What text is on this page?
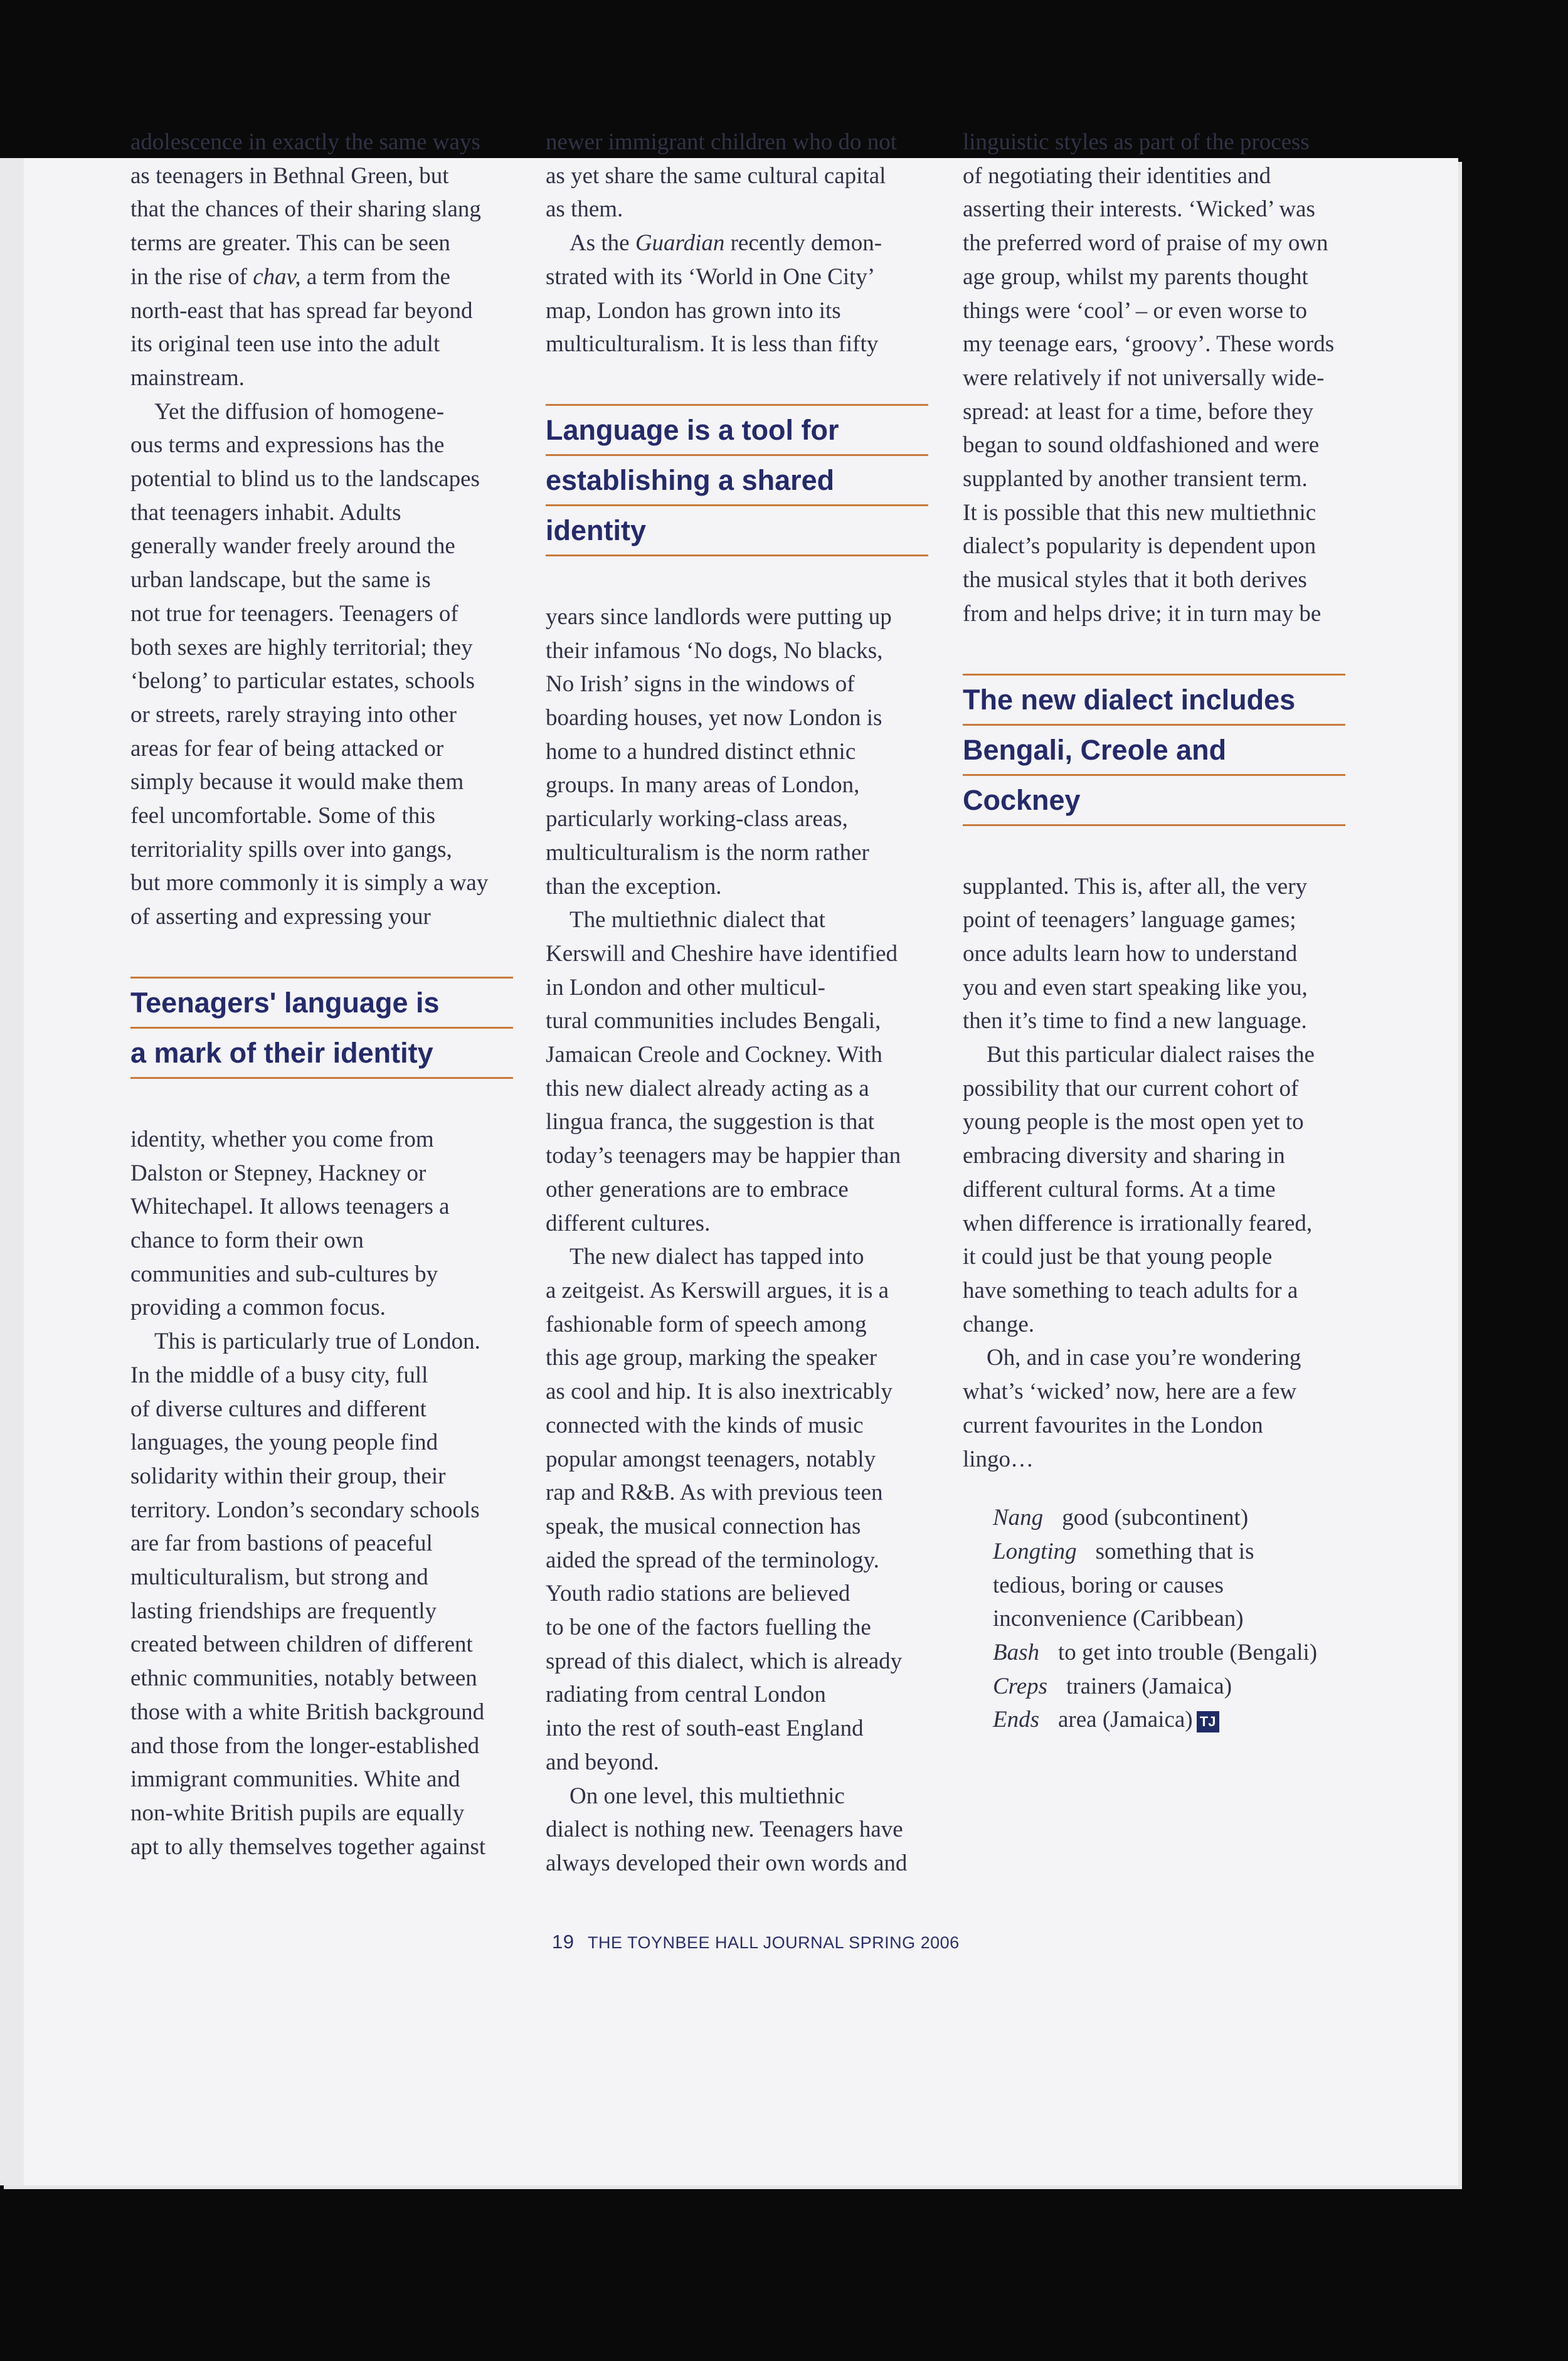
adolescence in exactly the same ways
as teenagers in Bethnal Green, but
that the chances of their sharing slang
terms are greater. This can be seen
in the rise of chav, a term from the
north-east that has spread far beyond
its original teen use into the adult
mainstream.

Yet the diffusion of homogene-
ous terms and expressions has the
potential to blind us to the landscapes
that teenagers inhabit. Adults
generally wander freely around the
urban landscape, but the same is
not true for teenagers. Teenagers of
both sexes are highly territorial; they
‘belong’ to particular estates, schools
or streets, rarely straying into other
areas for fear of being attacked or
simply because it would make them
feel uncomfortable. Some of this
territoriality spills over into gangs,
but more commonly it is simply a way
of asserting and expressing your

Teenagers' language is
a mark of their identity

identity, whether you come from
Dalston or Stepney, Hackney or
Whitechapel. It allows teenagers a
chance to form their own
communities and sub-cultures by
providing a common focus.

This is particularly true of London.
In the middle of a busy city, full
of diverse cultures and different
languages, the young people find
solidarity within their group, their
territory. London’s secondary schools
are far from bastions of peaceful
multiculturalism, but strong and
lasting friendships are frequently
created between children of different
ethnic communities, notably between
those with a white British background
and those from the longer-established
immigrant communities. White and
non-white British pupils are equally
apt to ally themselves together against

newer immigrant children who do not
as yet share the same cultural capital
as them.

As the Guardian recently demon-
strated with its ‘World in One City’
map, London has grown into its
multiculturalism. It is less than fifty

Language is a tool for
establishing a shared
identity

years since landlords were putting up
their infamous ‘No dogs, No blacks,
No Irish’ signs in the windows of
boarding houses, yet now London is
home to a hundred distinct ethnic
groups. In many areas of London,
particularly working-class areas,
multiculturalism is the norm rather
than the exception.

The multiethnic dialect that
Kerswill and Cheshire have identified
in London and other multicul-
tural communities includes Bengali,
Jamaican Creole and Cockney. With
this new dialect already acting as a
lingua franca, the suggestion is that
today’s teenagers may be happier than
other generations are to embrace
different cultures.

The new dialect has tapped into
a zeitgeist. As Kerswill argues, it is a
fashionable form of speech among
this age group, marking the speaker
as cool and hip. It is also inextricably
connected with the kinds of music
popular amongst teenagers, notably
rap and R&B. As with previous teen
speak, the musical connection has
aided the spread of the terminology.
Youth radio stations are believed
to be one of the factors fuelling the
spread of this dialect, which is already
radiating from central London
into the rest of south-east England
and beyond.

On one level, this multiethnic
dialect is nothing new. Teenagers have
always developed their own words and

linguistic styles as part of the process
of negotiating their identities and
asserting their interests. ‘Wicked’ was
the preferred word of praise of my own
age group, whilst my parents thought
things were ‘cool’ – or even worse to
my teenage ears, ‘groovy’. These words
were relatively if not universally wide-
spread: at least for a time, before they
began to sound oldfashioned and were
supplanted by another transient term.
It is possible that this new multiethnic
dialect’s popularity is dependent upon
the musical styles that it both derives
from and helps drive; it in turn may be

The new dialect includes
Bengali, Creole and
Cockney

supplanted. This is, after all, the very
point of teenagers’ language games;
once adults learn how to understand
you and even start speaking like you,
then it’s time to find a new language.

But this particular dialect raises the
possibility that our current cohort of
young people is the most open yet to
embracing diversity and sharing in
different cultural forms. At a time
when difference is irrationally feared,
it could just be that young people
have something to teach adults for a
change.

Oh, and in case you’re wondering
what’s ‘wicked’ now, here are a few
current favourites in the London
lingo…

Nang good (subcontinent)
Longting something that is
tedious, boring or causes
inconvenience (Caribbean)
Bash to get into trouble (Bengali)
Creps trainers (Jamaica)
Ends area (Jamaica) TJ
19 THE TOYNBEE HALL JOURNAL SPRING 2006
